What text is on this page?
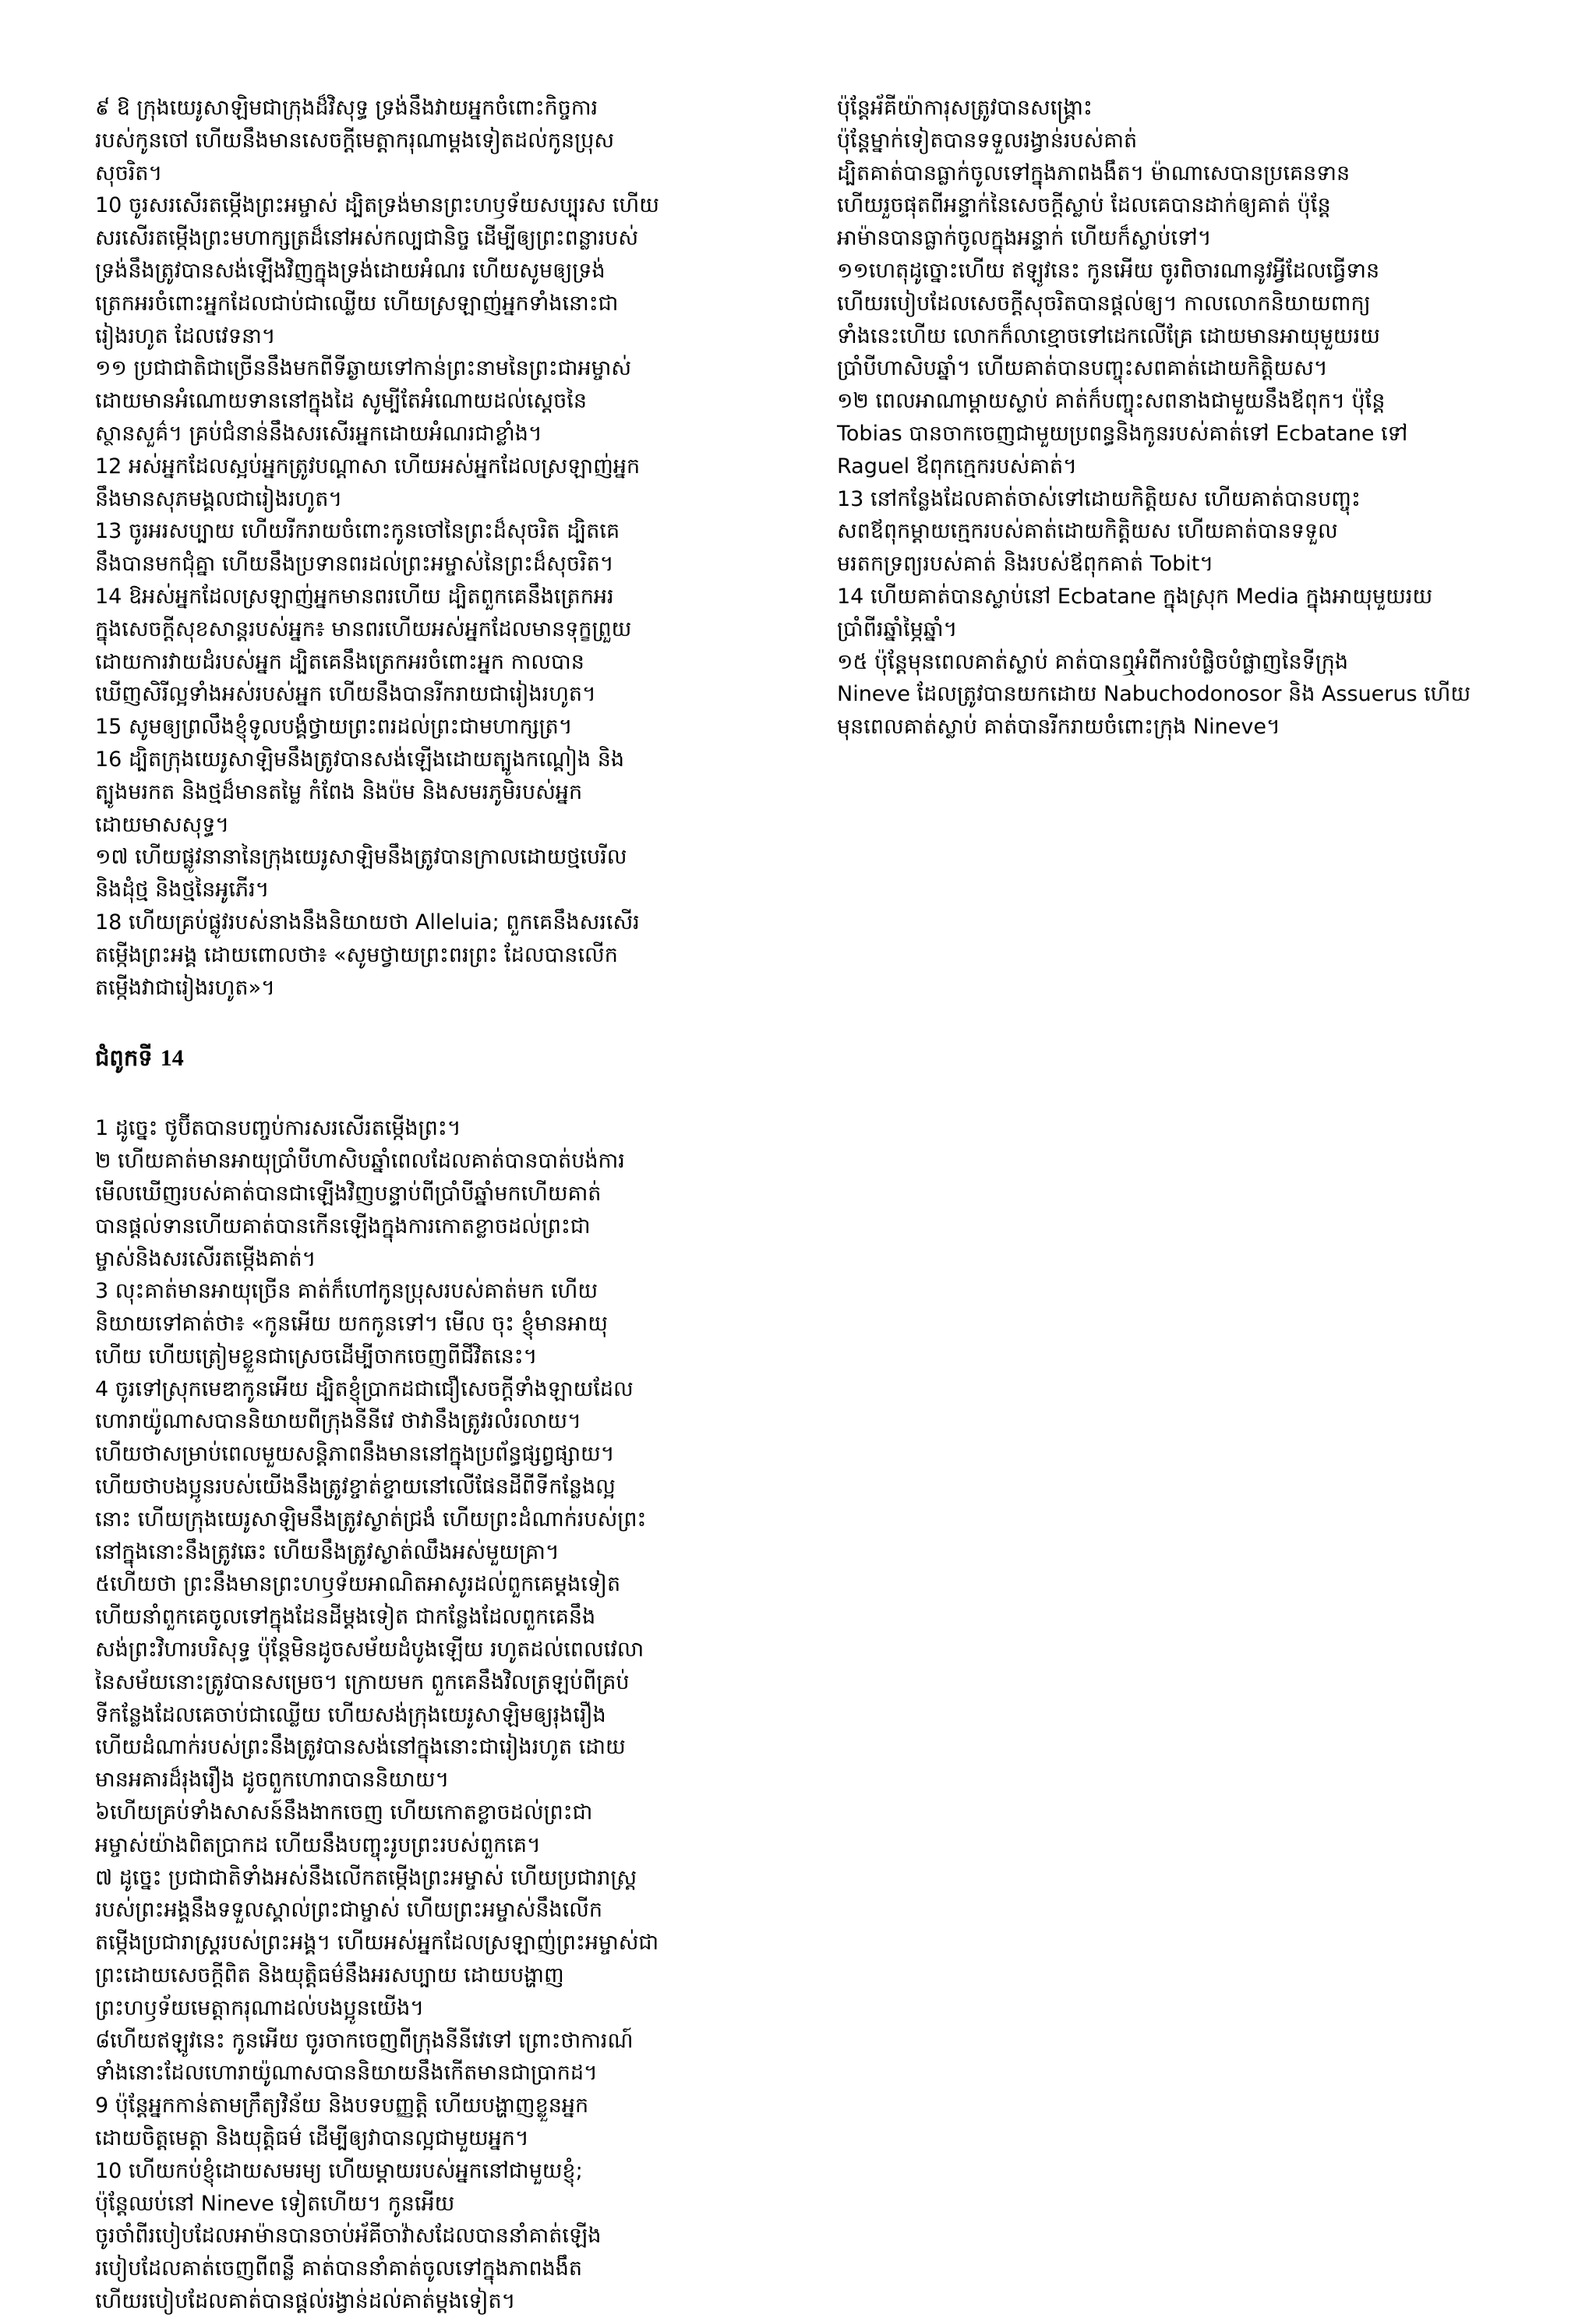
៩ ឱ ក្រុងយេរូសាឡិមជាក្រុងដ៏វិសុទ្ធ ទ្រង់នឹងវាយអ្នកចំពោះកិច្ចការ

របស់កូនចៅ ហើយនឹងមានសេចក្ដីមេត្តាករុណាម្ដងទៀតដល់កូនប្រុស

សុចរិត។

10 ចូរសរសើរតម្កើងព្រះអម្ចាស់ ដ្បិតទ្រង់មានព្រះហឫទ័យសប្បុរស ហើយ

សរសើរតម្កើងព្រះមហាក្សត្រដ៏នៅអស់កល្បជានិច្ច ដើម្បីឲ្យព្រះពន្លារបស់

ទ្រង់នឹងត្រូវបានសង់ឡើងវិញក្នុងទ្រង់ដោយអំណរ ហើយសូមឲ្យទ្រង់

ត្រេកអរចំពោះអ្នកដែលជាប់ជាឈ្លើយ ហើយស្រឡាញ់អ្នកទាំងនោះជា

រៀងរហូត ដែលវេទនា។

១១ ប្រជាជាតិជាច្រើននឹងមកពីទីឆ្ងាយទៅកាន់ព្រះនាមនៃព្រះជាអម្ចាស់

ដោយមានអំណោយទាននៅក្នុងដៃ សូម្បីតែអំណោយដល់ស្ដេចនៃ

ស្ថានសួគ៌។ គ្រប់ជំនាន់នឹងសរសើរអ្នកដោយអំណរជាខ្លាំង។

12 អស់អ្នកដែលស្អប់អ្នកត្រូវបណ្ដាសា ហើយអស់អ្នកដែលស្រឡាញ់អ្នក

នឹងមានសុភមង្គលជារៀងរហូត។

13 ចូរអរសប្បាយ ហើយរីករាយចំពោះកូនចៅនៃព្រះដ៏សុចរិត ដ្បិតគេ

នឹងបានមកជុំគ្នា ហើយនឹងប្រទានពរដល់ព្រះអម្ចាស់នៃព្រះដ៏សុចរិត។

14 ឱអស់អ្នកដែលស្រឡាញ់អ្នកមានពរហើយ ដ្បិតពួកគេនឹងត្រេកអរ

ក្នុងសេចក្ដីសុខសាន្តរបស់អ្នក៖ មានពរហើយអស់អ្នកដែលមានទុក្ខព្រួយ

ដោយការវាយដំរបស់អ្នក ដ្បិតគេនឹងត្រេកអរចំពោះអ្នក កាលបាន

ឃើញសិរីល្អទាំងអស់របស់អ្នក ហើយនឹងបានរីករាយជារៀងរហូត។

15 សូមឲ្យព្រលឹងខ្ញុំទូលបង្គំថ្វាយព្រះពរដល់ព្រះជាមហាក្សត្រ។

16 ដ្បិតក្រុងយេរូសាឡិមនឹងត្រូវបានសង់ឡើងដោយត្បូងកណ្ដៀង និង

ត្បូងមរកត និងថ្មដ៏មានតម្លៃ កំពែង និងប៉ម និងសមរភូមិរបស់អ្នក

ដោយមាសសុទ្ធ។

១៧ ហើយផ្លូវនានានៃក្រុងយេរូសាឡិមនឹងត្រូវបានក្រាលដោយថ្មបេរីល

និងដុំថ្ម និងថ្មនៃអូភើរ។

18 ហើយគ្រប់ផ្លូវរបស់នាងនឹងនិយាយថា Alleluia; ពួកគេនឹងសរសើរ

តម្កើងព្រះអង្គ ដោយពោលថា៖ «សូមថ្វាយព្រះពរព្រះ ដែលបានលើក

តម្កើងវាជារៀងរហូត»។

ជំពូកទី 14

1 ដូច្នេះ ថូប៊ីតបានបញ្ចប់ការសរសើរតម្កើងព្រះ។

២ ហើយគាត់មានអាយុប្រាំបីហាសិបឆ្នាំពេលដែលគាត់បានបាត់បង់ការ

មើលឃើញរបស់គាត់បានជាឡើងវិញបន្ទាប់ពីប្រាំបីឆ្នាំមកហើយគាត់

បានផ្ដល់ទានហើយគាត់បានកើនឡើងក្នុងការកោតខ្លាចដល់ព្រះជា

ម្ចាស់និងសរសើរតម្កើងគាត់។

3 លុះគាត់មានអាយុច្រើន គាត់ក៏ហៅកូនប្រុសរបស់គាត់មក ហើយ

និយាយទៅគាត់ថា៖ «កូនអើយ យកកូនទៅ។ មើល ចុះ ខ្ញុំមានអាយុ

ហើយ ហើយត្រៀមខ្លួនជាស្រេចដើម្បីចាកចេញពីជីវិតនេះ។

4 ចូរទៅស្រុកមេឌាកូនអើយ ដ្បិតខ្ញុំប្រាកដជាជឿសេចក្ដីទាំងឡាយដែល

ហោរាយ៉ូណាសបាននិយាយពីក្រុងនីនីវេ ថាវានឹងត្រូវរលំរលាយ។

ហើយថាសម្រាប់ពេលមួយសន្តិភាពនឹងមាននៅក្នុងប្រព័ន្ធផ្សព្វផ្សាយ។

ហើយថាបងប្អូនរបស់យើងនឹងត្រូវខ្ចាត់ខ្ចាយនៅលើផែនដីពីទីកន្លែងល្អ

នោះ ហើយក្រុងយេរូសាឡិមនឹងត្រូវស្ងាត់ជ្រងំ ហើយព្រះដំណាក់របស់ព្រះ

នៅក្នុងនោះនឹងត្រូវឆេះ ហើយនឹងត្រូវស្ងាត់ឈឹងអស់មួយគ្រា។

៥ហើយថា ព្រះនឹងមានព្រះហឫទ័យអាណិតអាសូរដល់ពួកគេម្ដងទៀត

ហើយនាំពួកគេចូលទៅក្នុងដែនដីម្ដងទៀត ជាកន្លែងដែលពួកគេនឹង

សង់ព្រះវិហារបរិសុទ្ធ ប៉ុន្តែមិនដូចសម័យដំបូងឡើយ រហូតដល់ពេលវេលា

នៃសម័យនោះត្រូវបានសម្រេច។ ក្រោយមក ពួកគេនឹងវិលត្រឡប់ពីគ្រប់

ទីកន្លែងដែលគេចាប់ជាឈ្លើយ ហើយសង់ក្រុងយេរូសាឡិមឲ្យរុងរឿង

ហើយដំណាក់របស់ព្រះនឹងត្រូវបានសង់នៅក្នុងនោះជារៀងរហូត ដោយ

មានអគារដ៏រុងរឿង ដូចពួកហោរាបាននិយាយ។

៦ហើយគ្រប់ទាំងសាសន៍នឹងងាកចេញ ហើយកោតខ្លាចដល់ព្រះជា

អម្ចាស់យ៉ាងពិតប្រាកដ ហើយនឹងបញ្ចុះរូបព្រះរបស់ពួកគេ។

៧ ដូច្នេះ ប្រជាជាតិទាំងអស់នឹងលើកតម្កើងព្រះអម្ចាស់ ហើយប្រជារាស្ត្រ

របស់ព្រះអង្គនឹងទទួលស្គាល់ព្រះជាម្ចាស់ ហើយព្រះអម្ចាស់នឹងលើក

តម្កើងប្រជារាស្ត្ររបស់ព្រះអង្គ។ ហើយអស់អ្នកដែលស្រឡាញ់ព្រះអម្ចាស់ជា

ព្រះដោយសេចក្ដីពិត និងយុត្តិធម៌នឹងអរសប្បាយ ដោយបង្ហាញ

ព្រះហឫទ័យមេត្តាករុណាដល់បងប្អូនយើង។

៨ហើយឥឡូវនេះ កូនអើយ ចូរចាកចេញពីក្រុងនីនីវេទៅ ព្រោះថាការណ៍

ទាំងនោះដែលហោរាយ៉ូណាសបាននិយាយនឹងកើតមានជាប្រាកដ។

9 ប៉ុន្តែអ្នកកាន់តាមក្រឹត្យវិន័យ និងបទបញ្ញត្តិ ហើយបង្ហាញខ្លួនអ្នក

ដោយចិត្តមេត្តា និងយុត្តិធម៌ ដើម្បីឲ្យវាបានល្អជាមួយអ្នក។

10 ហើយកប់ខ្ញុំដោយសមរម្យ ហើយម្ដាយរបស់អ្នកនៅជាមួយខ្ញុំ;

ប៉ុន្តែឈប់នៅ Nineve ទៀតហើយ។ កូនអើយ

ចូរចាំពីរបៀបដែលអាម៉ានបានចាប់អ័គីចាវ៉ាសដែលបាននាំគាត់ឡើង

របៀបដែលគាត់ចេញពីពន្លឺ គាត់បាននាំគាត់ចូលទៅក្នុងភាពងងឹត

ហើយរបៀបដែលគាត់បានផ្ដល់រង្វាន់ដល់គាត់ម្ដងទៀត។

ប៉ុន្តែអ័គីយ៉ាការុសត្រូវបានសង្គ្រោះ

ប៉ុន្តែម្នាក់ទៀតបានទទួលរង្វាន់របស់គាត់

ដ្បិតគាត់បានធ្លាក់ចូលទៅក្នុងភាពងងឹត។ ម៉ាណាសេបានប្រគេនទាន

ហើយរួចផុតពីអន្ទាក់នៃសេចក្ដីស្លាប់ ដែលគេបានដាក់ឲ្យគាត់ ប៉ុន្តែ

អាម៉ានបានធ្លាក់ចូលក្នុងអន្ទាក់ ហើយក៏ស្លាប់ទៅ។

១១ហេតុដូច្នោះហើយ ឥឡូវនេះ កូនអើយ ចូរពិចារណានូវអ្វីដែលធ្វើទាន

ហើយរបៀបដែលសេចក្ដីសុចរិតបានផ្ដល់ឲ្យ។ កាលលោកនិយាយពាក្យ

ទាំងនេះហើយ លោកក៏លាខ្មោចទៅដេកលើគ្រែ ដោយមានអាយុមួយរយ

ប្រាំបីហាសិបឆ្នាំ។ ហើយគាត់បានបញ្ចុះសពគាត់ដោយកិត្តិយស។

១២ ពេលអាណាម្ដាយស្លាប់ គាត់ក៏បញ្ចុះសពនាងជាមួយនឹងឪពុក។ ប៉ុន្តែ

Tobias បានចាកចេញជាមួយប្រពន្ធនិងកូនរបស់គាត់ទៅ Ecbatane ទៅ

Raguel ឪពុកក្មេករបស់គាត់។

13 នៅកន្លែងដែលគាត់ចាស់ទៅដោយកិត្តិយស ហើយគាត់បានបញ្ចុះ

សពឪពុកម្ដាយក្មេករបស់គាត់ដោយកិត្តិយស ហើយគាត់បានទទួល

មរតកទ្រព្យរបស់គាត់ និងរបស់ឪពុកគាត់ Tobit។

14 ហើយគាត់បានស្លាប់នៅ Ecbatane ក្នុងស្រុក Media ក្នុងអាយុមួយរយ

ប្រាំពីរឆ្នាំម្ភៃឆ្នាំ។

១៥ ប៉ុន្តែមុនពេលគាត់ស្លាប់ គាត់បានឮអំពីការបំផ្លិចបំផ្លាញនៃទីក្រុង

Nineve ដែលត្រូវបានយកដោយ Nabuchodonosor និង Assuerus ហើយ

មុនពេលគាត់ស្លាប់ គាត់បានរីករាយចំពោះក្រុង Nineve។
